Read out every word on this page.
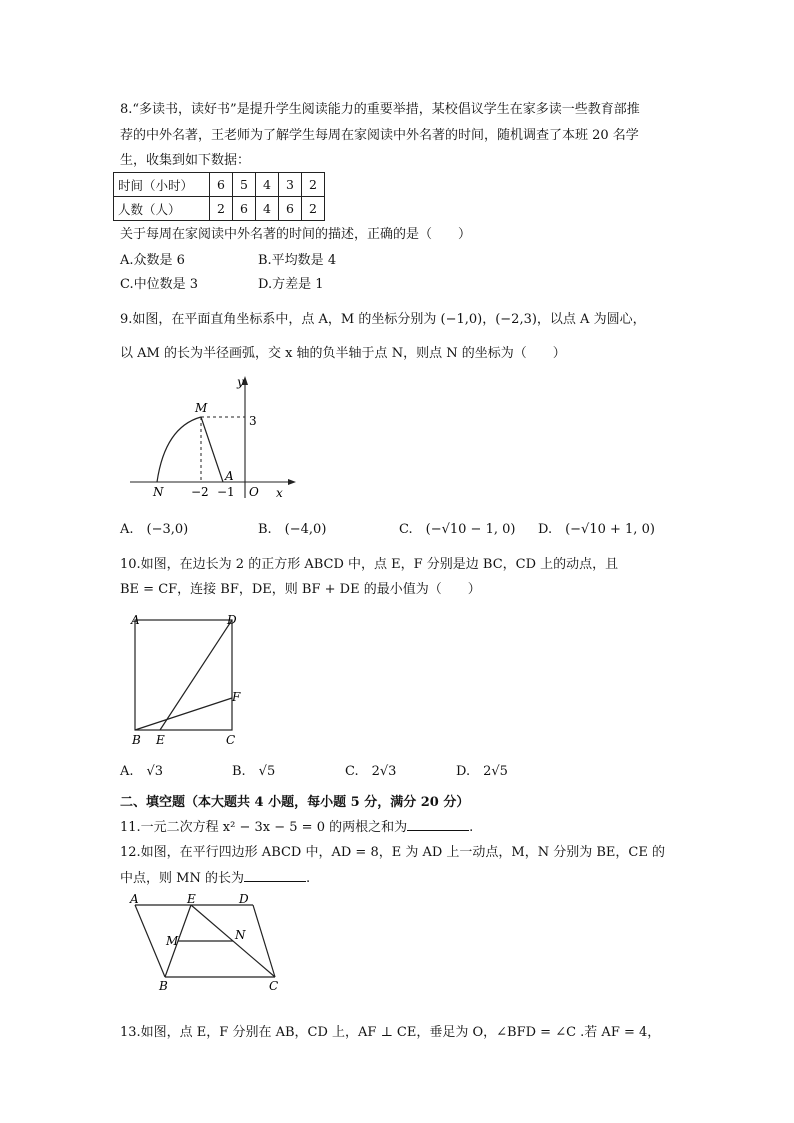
8.“多读书，读好书”是提升学生阅读能力的重要举措，某校倡议学生在家多读一些教育部推
荐的中外名著，王老师为了解学生每周在家阅读中外名著的时间，随机调查了本班 20 名学
生，收集到如下数据：
时间（小时）	6	5	4	3	2
人数（人）	2	6	4	6	2
关于每周在家阅读中外名著的时间的描述，正确的是（　　）
A.众数是 6	B.平均数是 4
C.中位数是 3	D.方差是 1
9.如图，在平面直角坐标系中，点 A，M 的坐标分别为 (−1,0)，(−2,3)，以点 A 为圆心，
以 AM 的长为半径画弧，交 x 轴的负半轴于点 N，则点 N 的坐标为（　　）
y
x
M
3
N −2 −1
A
O
A.　(−3,0)	B.　(−4,0)	C.　(−√10 − 1, 0) D.　(−√10 + 1, 0)
10.如图，在边长为 2 的正方形 ABCD 中，点 E，F 分别是边 BC，CD 上的动点，且
BE = CF，连接 BF，DE，则 BF + DE 的最小值为（　　）
A	D
F
B E	C
A.　√3	B.　√5	C.　2√3	D.　2√5
二、填空题（本大题共 4 小题，每小题 5 分，满分 20 分）
11.一元二次方程 x² − 3x − 5 = 0 的两根之和为	.
12.如图，在平行四边形 ABCD 中，AD = 8，E 为 AD 上一动点，M，N 分别为 BE，CE 的
中点，则 MN 的长为	.
A	E	D
M	N
B	C
13.如图，点 E，F 分别在 AB，CD 上，AF ⊥ CE，垂足为 O，∠BFD = ∠C .若 AF = 4，
